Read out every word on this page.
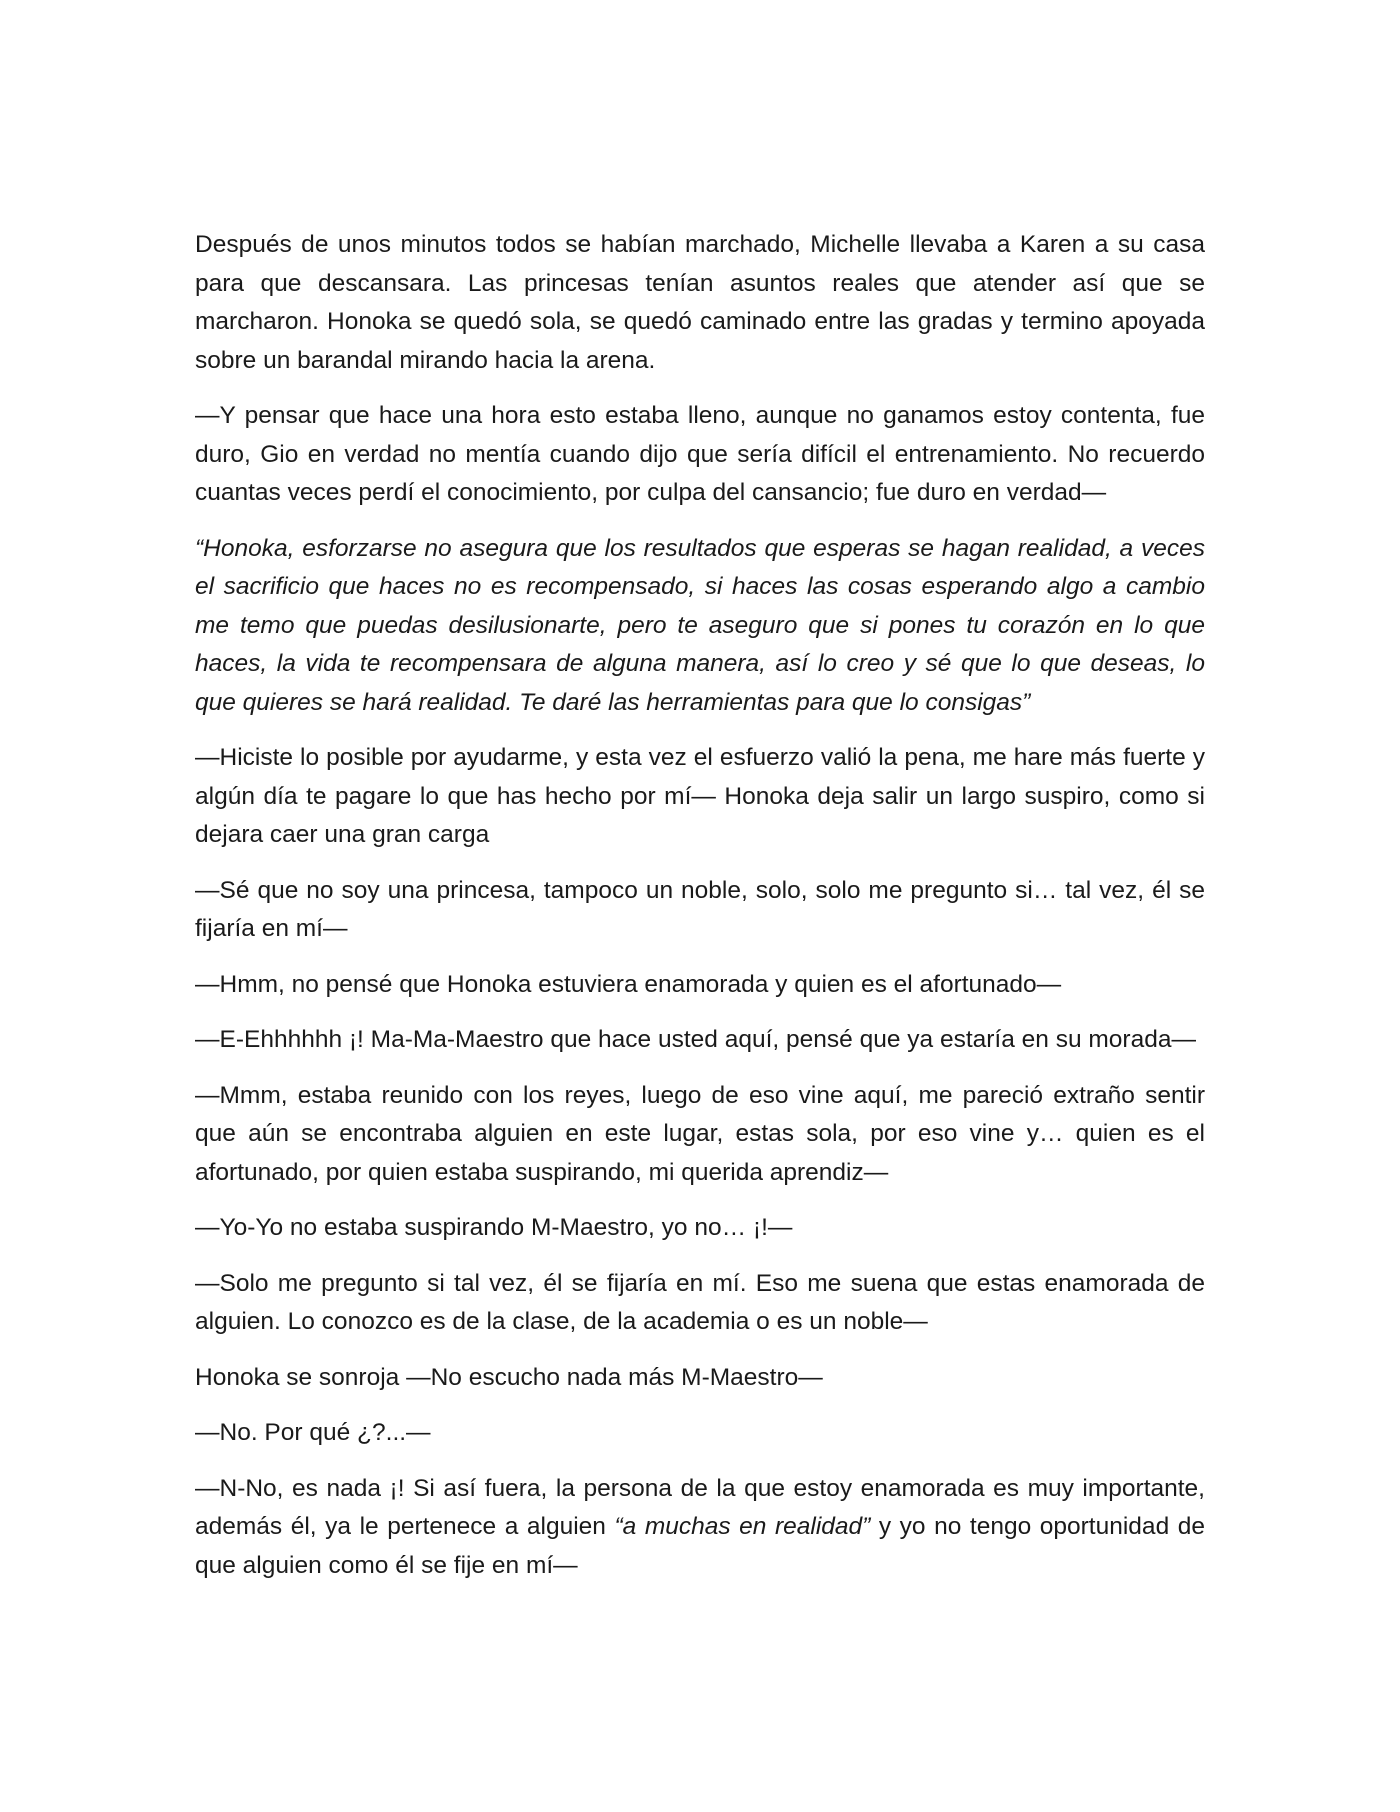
Después de unos minutos todos se habían marchado, Michelle llevaba a Karen a su casa para que descansara. Las princesas tenían asuntos reales que atender así que se marcharon. Honoka se quedó sola, se quedó caminado entre las gradas y termino apoyada sobre un barandal mirando hacia la arena.

—Y pensar que hace una hora esto estaba lleno, aunque no ganamos estoy contenta, fue duro, Gio en verdad no mentía cuando dijo que sería difícil el entrenamiento. No recuerdo cuantas veces perdí el conocimiento, por culpa del cansancio; fue duro en verdad—

“Honoka, esforzarse no asegura que los resultados que esperas se hagan realidad, a veces el sacrificio que haces no es recompensado, si haces las cosas esperando algo a cambio me temo que puedas desilusionarte, pero te aseguro que si pones tu corazón en lo que haces, la vida te recompensara de alguna manera, así lo creo y sé que lo que deseas, lo que quieres se hará realidad. Te daré las herramientas para que lo consigas”

—Hiciste lo posible por ayudarme, y esta vez el esfuerzo valió la pena, me hare más fuerte y algún día te pagare lo que has hecho por mí— Honoka deja salir un largo suspiro, como si dejara caer una gran carga

—Sé que no soy una princesa, tampoco un noble, solo, solo me pregunto si… tal vez, él se fijaría en mí—

—Hmm, no pensé que Honoka estuviera enamorada y quien es el afortunado—

—E-Ehhhhhh ¡! Ma-Ma-Maestro que hace usted aquí, pensé que ya estaría en su morada—

—Mmm, estaba reunido con los reyes, luego de eso vine aquí, me pareció extraño sentir que aún se encontraba alguien en este lugar, estas sola, por eso vine y… quien es el afortunado, por quien estaba suspirando, mi querida aprendiz—

—Yo-Yo no estaba suspirando M-Maestro, yo no… ¡!—

—Solo me pregunto si tal vez, él se fijaría en mí. Eso me suena que estas enamorada de alguien. Lo conozco es de la clase, de la academia o es un noble—

Honoka se sonroja —No escucho nada más M-Maestro—

—No. Por qué ¿?...—

—N-No, es nada ¡! Si así fuera, la persona de la que estoy enamorada es muy importante, además él, ya le pertenece a alguien “a muchas en realidad” y yo no tengo oportunidad de que alguien como él se fije en mí—
